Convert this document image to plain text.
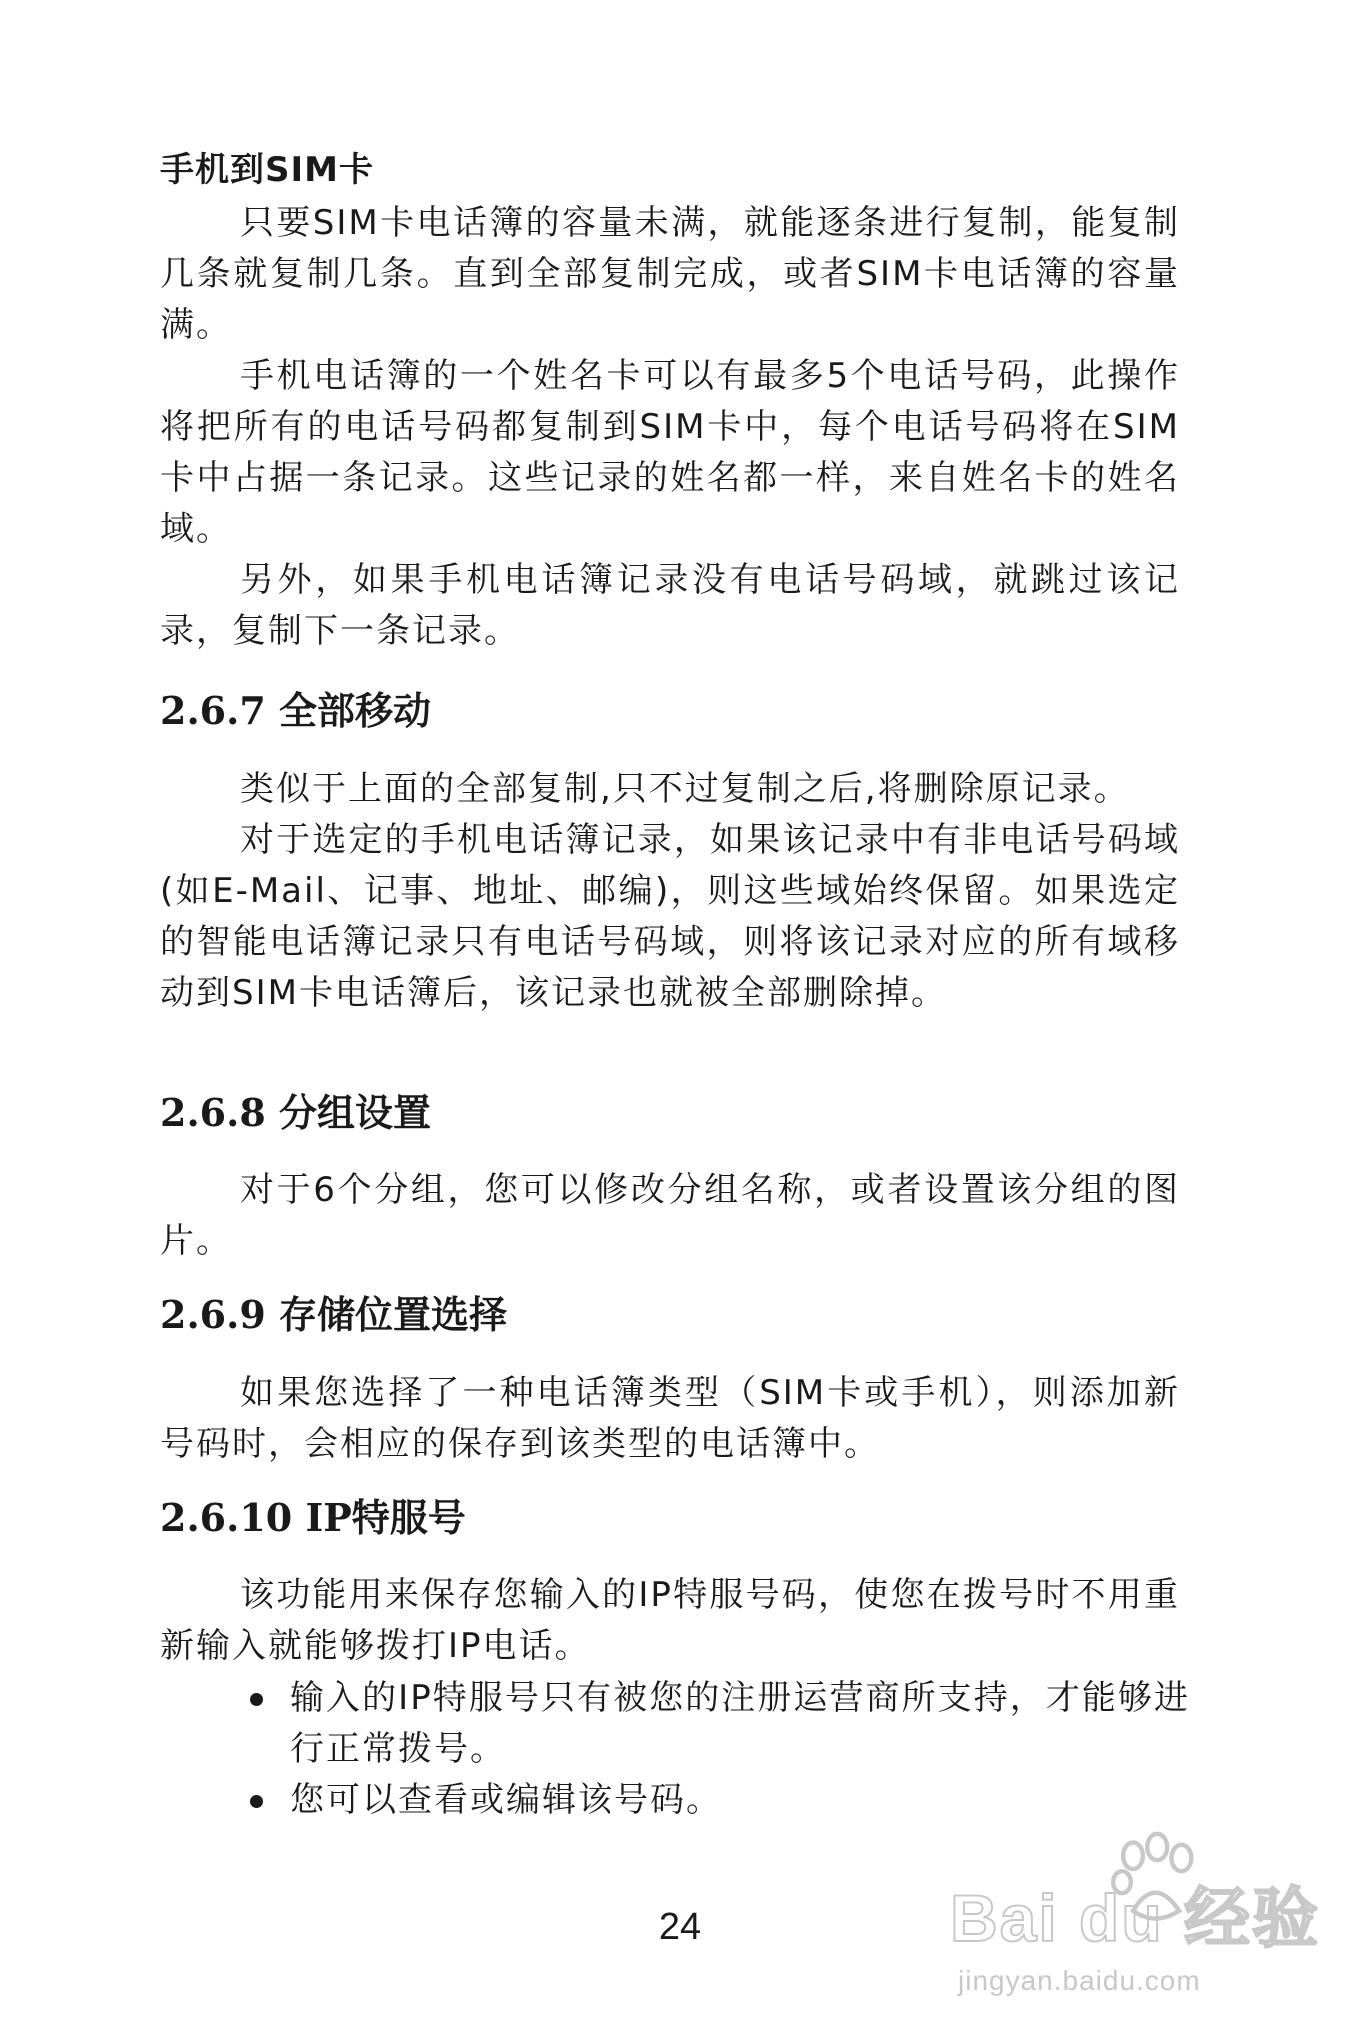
手机到SIM卡

只要SIM卡电话簿的容量未满，就能逐条进行复制，能复制几条就复制几条。直到全部复制完成，或者SIM卡电话簿的容量满。

手机电话簿的一个姓名卡可以有最多5个电话号码，此操作将把所有的电话号码都复制到SIM卡中，每个电话号码将在SIM卡中占据一条记录。这些记录的姓名都一样，来自姓名卡的姓名域。

另外，如果手机电话簿记录没有电话号码域，就跳过该记录，复制下一条记录。

2.6.7 全部移动

类似于上面的全部复制,只不过复制之后,将删除原记录。

对于选定的手机电话簿记录，如果该记录中有非电话号码域(如E-Mail、记事、地址、邮编)，则这些域始终保留。如果选定的智能电话簿记录只有电话号码域，则将该记录对应的所有域移动到SIM卡电话簿后，该记录也就被全部删除掉。

2.6.8 分组设置

对于6个分组，您可以修改分组名称，或者设置该分组的图片。

2.6.9 存储位置选择

如果您选择了一种电话簿类型（SIM卡或手机），则添加新号码时，会相应的保存到该类型的电话簿中。

2.6.10 IP特服号

该功能用来保存您输入的IP特服号码，使您在拨号时不用重新输入就能够拨打IP电话。

输入的IP特服号只有被您的注册运营商所支持，才能够进行正常拨号。
您可以查看或编辑该号码。
24	Bai du 经验
jingyan.baidu.com
